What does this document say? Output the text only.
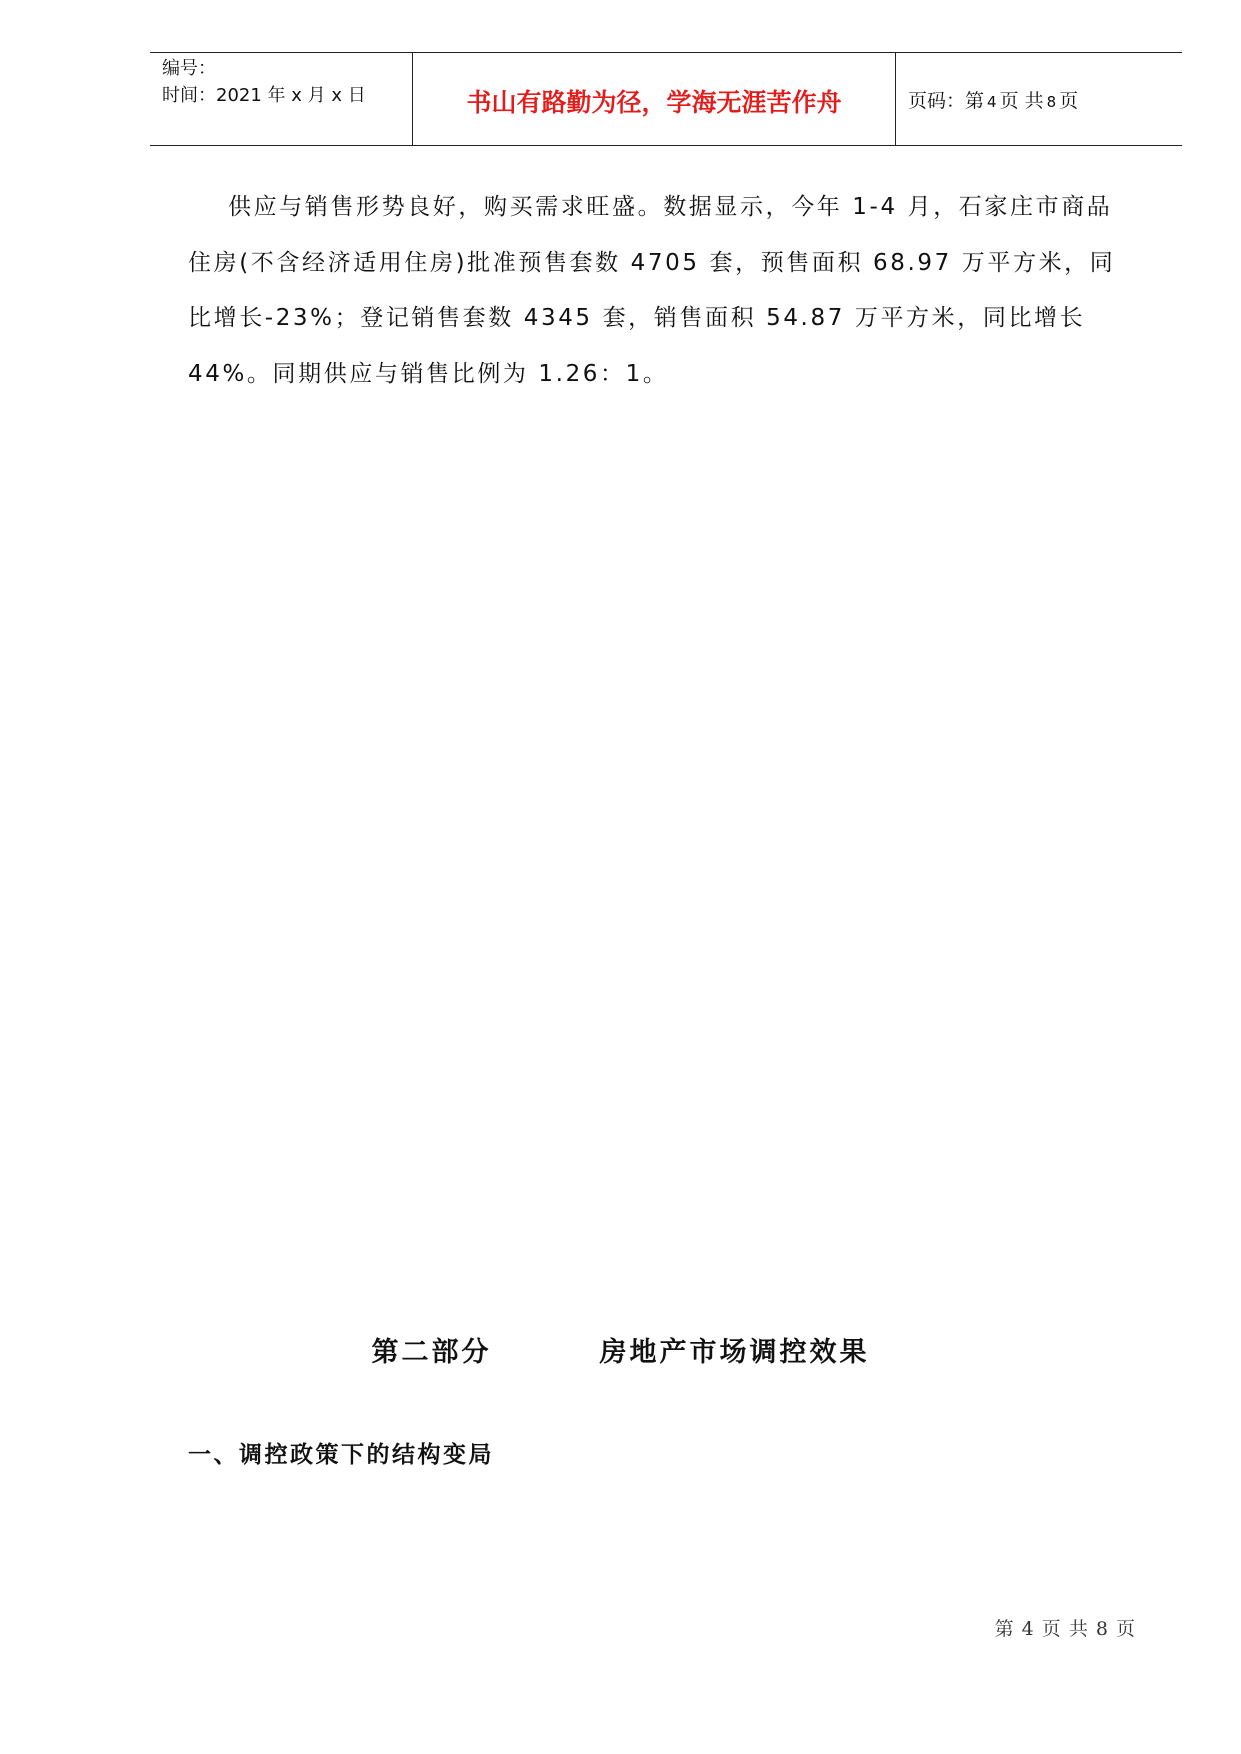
编号：
时间：2021 年 x 月 x 日	书山有路勤为径，学海无涯苦作舟	页码：第 4 页 共 8 页
供应与销售形势良好，购买需求旺盛。数据显示，今年 1-4 月，石家庄市商品住房(不含经济适用住房)批准预售套数 4705 套，预售面积 68.97 万平方米，同比增长-23%；登记销售套数 4345 套，销售面积 54.87 万平方米，同比增长 44%。同期供应与销售比例为 1.26：1。
第二部分	房地产市场调控效果
一、调控政策下的结构变局
第 4 页 共 8 页
